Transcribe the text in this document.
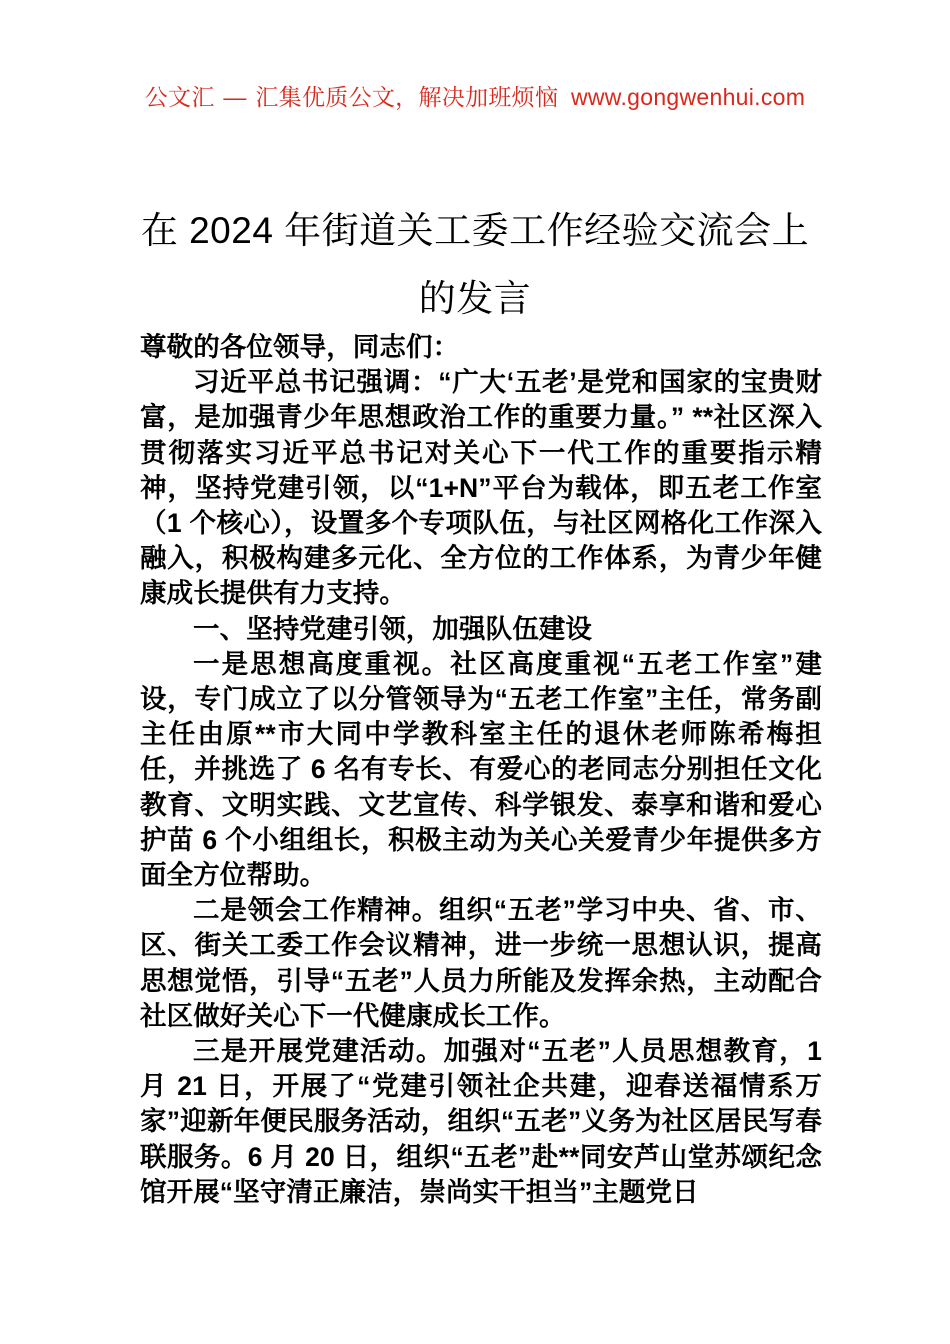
公文汇 — 汇集优质公文，解决加班烦恼 www.gongwenhui.com
在 2024 年街道关工委工作经验交流会上的发言

尊敬的各位领导，同志们：

习近平总书记强调：“广大‘五老’是党和国家的宝贵财富，是加强青少年思想政治工作的重要力量。” **社区深入贯彻落实习近平总书记对关心下一代工作的重要指示精神，坚持党建引领，以“1+N”平台为载体，即五老工作室（1 个核心），设置多个专项队伍，与社区网格化工作深入融入，积极构建多元化、全方位的工作体系，为青少年健康成长提供有力支持。

一、坚持党建引领，加强队伍建设

一是思想高度重视。社区高度重视“五老工作室”建设，专门成立了以分管领导为“五老工作室”主任，常务副主任由原**市大同中学教科室主任的退休老师陈希梅担任，并挑选了 6 名有专长、有爱心的老同志分别担任文化教育、文明实践、文艺宣传、科学银发、泰享和谐和爱心护苗 6 个小组组长，积极主动为关心关爱青少年提供多方面全方位帮助。

二是领会工作精神。组织“五老”学习中央、省、市、区、街关工委工作会议精神，进一步统一思想认识，提高思想觉悟，引导“五老”人员力所能及发挥余热，主动配合社区做好关心下一代健康成长工作。

三是开展党建活动。加强对“五老”人员思想教育，1 月 21 日，开展了“党建引领社企共建，迎春送福情系万家”迎新年便民服务活动，组织“五老”义务为社区居民写春联服务。6 月 20 日，组织“五老”赴**同安芦山堂苏颂纪念馆开展“坚守清正廉洁，崇尚实干担当”主题党日
